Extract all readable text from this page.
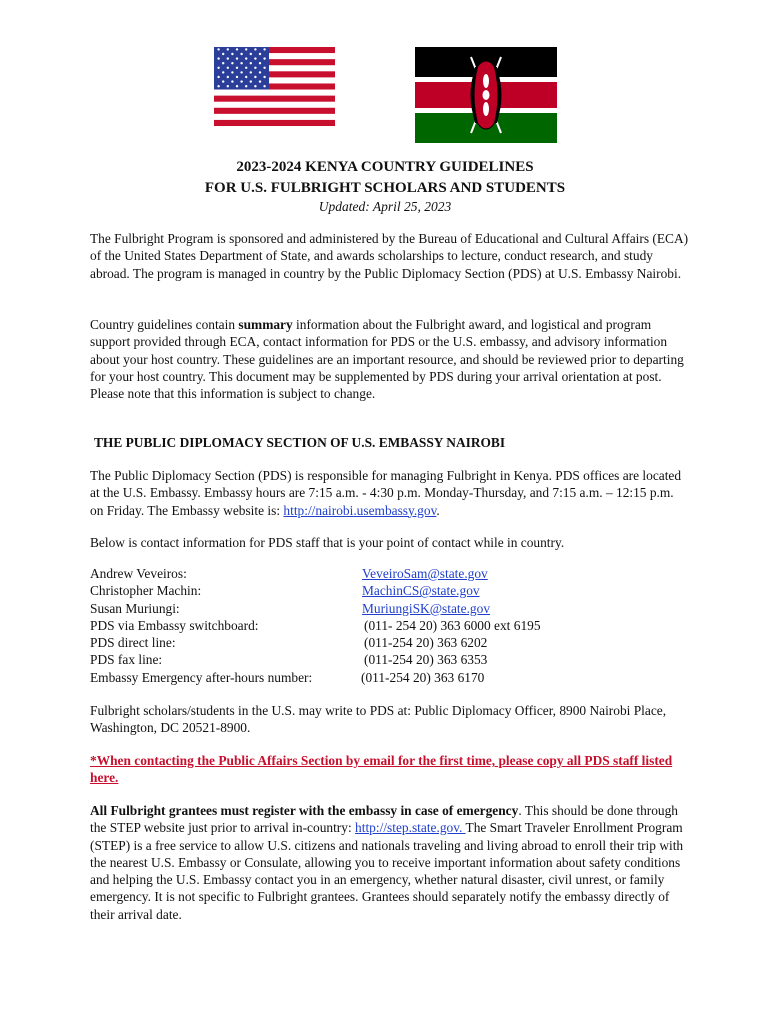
2023-2024 KENYA COUNTRY GUIDELINES
FOR U.S. FULBRIGHT SCHOLARS AND STUDENTS
Updated: April 25, 2023
The Fulbright Program is sponsored and administered by the Bureau of Educational and Cultural Affairs (ECA) of the United States Department of State, and awards scholarships to lecture, conduct research, and study abroad. The program is managed in country by the Public Diplomacy Section (PDS) at U.S. Embassy Nairobi.
Country guidelines contain summary information about the Fulbright award, and logistical and program support provided through ECA, contact information for PDS or the U.S. embassy, and advisory information about your host country. These guidelines are an important resource, and should be reviewed prior to departing for your host country. This document may be supplemented by PDS during your arrival orientation at post. Please note that this information is subject to change.
THE PUBLIC DIPLOMACY SECTION OF U.S. EMBASSY NAIROBI
The Public Diplomacy Section (PDS) is responsible for managing Fulbright in Kenya. PDS offices are located at the U.S. Embassy. Embassy hours are 7:15 a.m. - 4:30 p.m. Monday-Thursday, and 7:15 a.m. – 12:15 p.m. on Friday. The Embassy website is: http://nairobi.usembassy.gov.
Below is contact information for PDS staff that is your point of contact while in country.
Andrew Veveiros:	VeveiroSam@state.gov
Christopher Machin:	MachinCS@state.gov
Susan Muriungi:	MuriungiSK@state.gov
PDS via Embassy switchboard:	(011- 254 20) 363 6000 ext 6195
PDS direct line:	(011-254 20) 363 6202
PDS fax line:	(011-254 20) 363 6353
Embassy Emergency after-hours number:	(011-254 20) 363 6170
Fulbright scholars/students in the U.S. may write to PDS at: Public Diplomacy Officer, 8900 Nairobi Place, Washington, DC 20521-8900.
*When contacting the Public Affairs Section by email for the first time, please copy all PDS staff listed here.
All Fulbright grantees must register with the embassy in case of emergency. This should be done through the STEP website just prior to arrival in-country: http://step.state.gov. The Smart Traveler Enrollment Program (STEP) is a free service to allow U.S. citizens and nationals traveling and living abroad to enroll their trip with the nearest U.S. Embassy or Consulate, allowing you to receive important information about safety conditions and helping the U.S. Embassy contact you in an emergency, whether natural disaster, civil unrest, or family emergency. It is not specific to Fulbright grantees. Grantees should separately notify the embassy directly of their arrival date.
